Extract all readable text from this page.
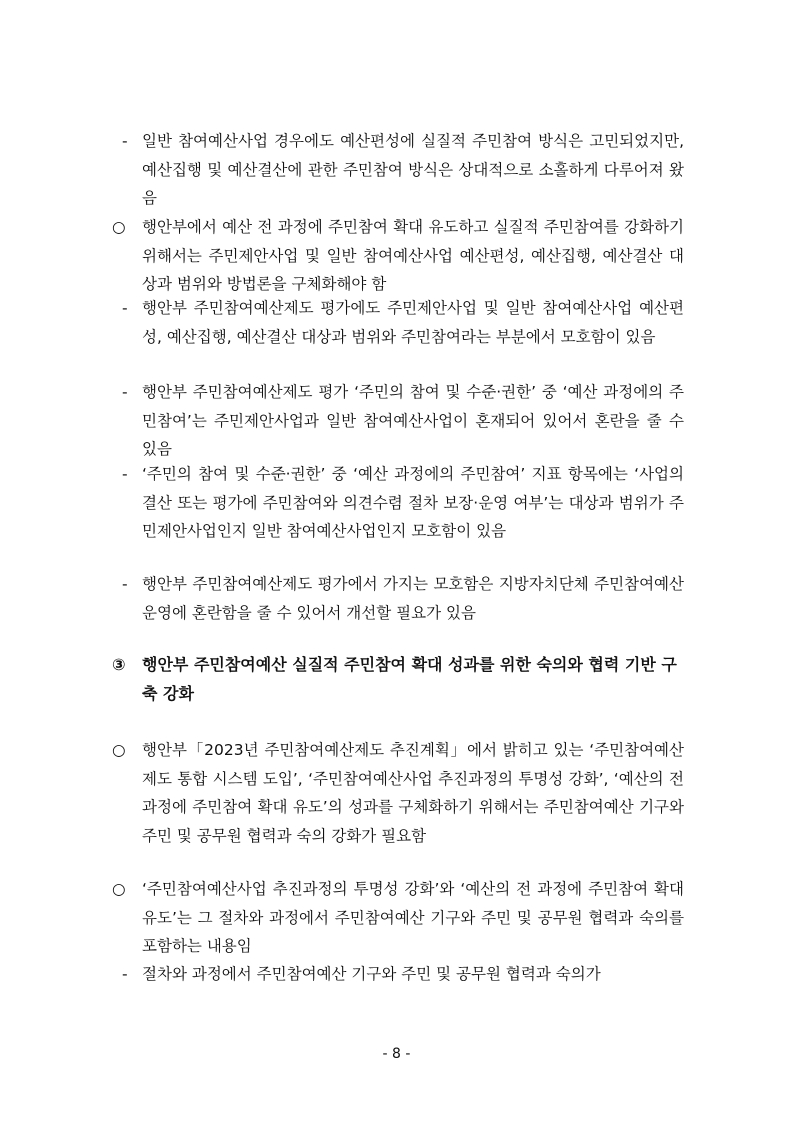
- 일반 참여예산사업 경우에도 예산편성에 실질적 주민참여 방식은 고민되었지만, 예산집행 및 예산결산에 관한 주민참여 방식은 상대적으로 소홀하게 다루어져 왔음
○	행안부에서 예산 전 과정에 주민참여 확대 유도하고 실질적 주민참여를 강화하기 위해서는 주민제안사업 및 일반 참여예산사업 예산편성, 예산집행, 예산결산 대상과 범위와 방법론을 구체화해야 함
- 행안부 주민참여예산제도 평가에도 주민제안사업 및 일반 참여예산사업 예산편성, 예산집행, 예산결산 대상과 범위와 주민참여라는 부분에서 모호함이 있음
- 행안부 주민참여예산제도 평가 ‘주민의 참여 및 수준·권한’ 중 ‘예산 과정에의 주민참여’는 주민제안사업과 일반 참여예산사업이 혼재되어 있어서 혼란을 줄 수 있음
- ‘주민의 참여 및 수준·권한’ 중 ‘예산 과정에의 주민참여’ 지표 항목에는 ‘사업의 결산 또는 평가에 주민참여와 의견수렴 절차 보장·운영 여부’는 대상과 범위가 주민제안사업인지 일반 참여예산사업인지 모호함이 있음
- 행안부 주민참여예산제도 평가에서 가지는 모호함은 지방자치단체 주민참여예산 운영에 혼란함을 줄 수 있어서 개선할 필요가 있음
③	행안부 주민참여예산 실질적 주민참여 확대 성과를 위한 숙의와 협력 기반 구축 강화
○	행안부「2023년 주민참여예산제도 추진계획」에서 밝히고 있는 ‘주민참여예산제도 통합 시스템 도입’, ‘주민참여예산사업 추진과정의 투명성 강화’, ‘예산의 전 과정에 주민참여 확대 유도’의 성과를 구체화하기 위해서는 주민참여예산 기구와 주민 및 공무원 협력과 숙의 강화가 필요함
○	‘주민참여예산사업 추진과정의 투명성 강화’와 ‘예산의 전 과정에 주민참여 확대 유도’는 그 절차와 과정에서 주민참여예산 기구와 주민 및 공무원 협력과 숙의를 포함하는 내용임
- 절차와 과정에서 주민참여예산 기구와 주민 및 공무원 협력과 숙의가
- 8 -
